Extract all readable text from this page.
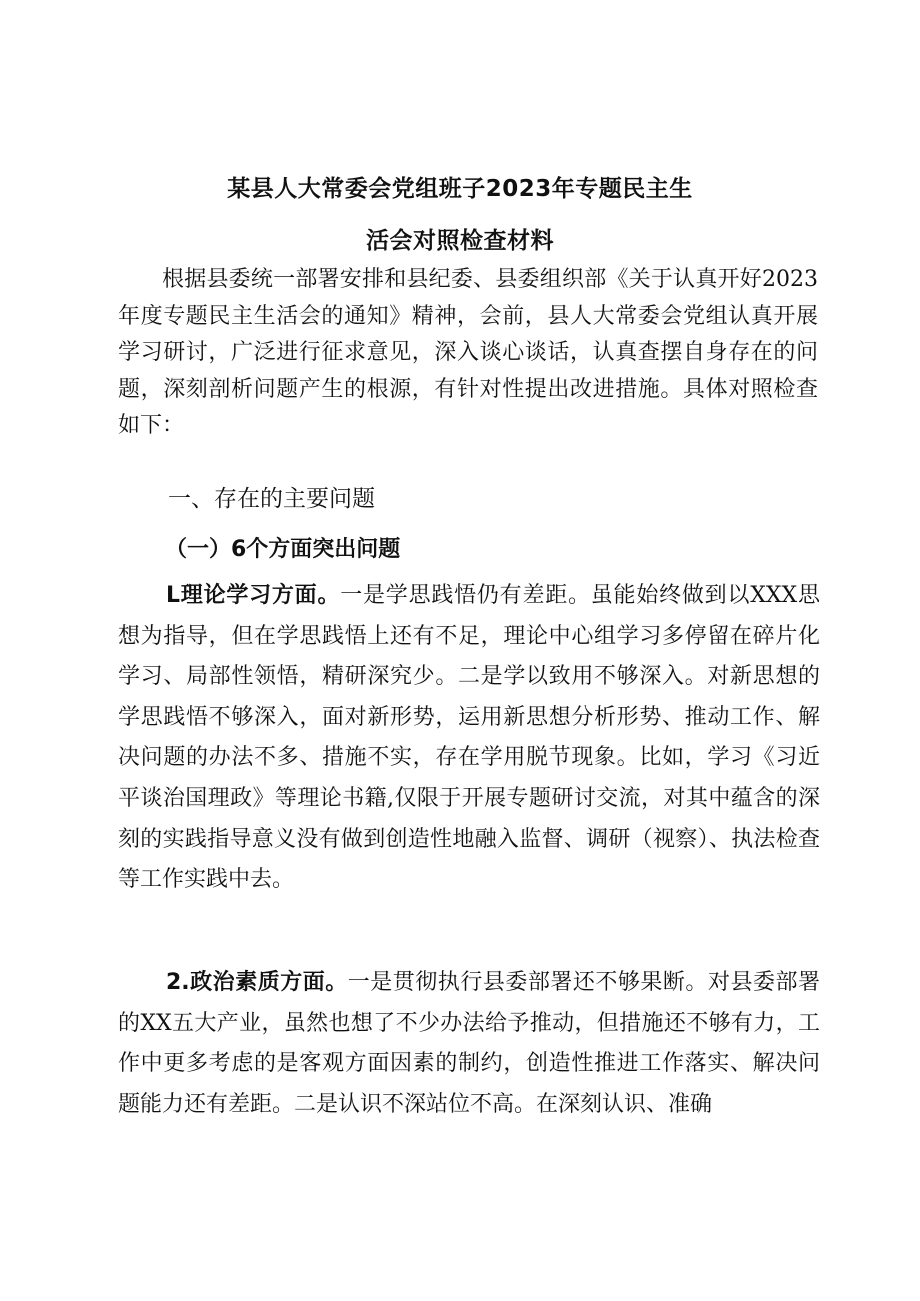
某县人大常委会党组班子2023年专题民主生
活会对照检查材料

根据县委统一部署安排和县纪委、县委组织部《关于认真开好2023年度专题民主生活会的通知》精神，会前，县人大常委会党组认真开展学习研讨，广泛进行征求意见，深入谈心谈话，认真查摆自身存在的问题，深刻剖析问题产生的根源，有针对性提出改进措施。具体对照检查如下：

一、存在的主要问题
（一）6个方面突出问题

L理论学习方面。一是学思践悟仍有差距。虽能始终做到以XXX思想为指导，但在学思践悟上还有不足，理论中心组学习多停留在碎片化学习、局部性领悟，精研深究少。二是学以致用不够深入。对新思想的学思践悟不够深入，面对新形势，运用新思想分析形势、推动工作、解决问题的办法不多、措施不实，存在学用脱节现象。比如，学习《习近平谈治国理政》等理论书籍,仅限于开展专题研讨交流，对其中蕴含的深刻的实践指导意义没有做到创造性地融入监督、调研（视察）、执法检查等工作实践中去。

2.政治素质方面。一是贯彻执行县委部署还不够果断。对县委部署的XX五大产业，虽然也想了不少办法给予推动，但措施还不够有力，工作中更多考虑的是客观方面因素的制约，创造性推进工作落实、解决问题能力还有差距。二是认识不深站位不高。在深刻认识、准确
